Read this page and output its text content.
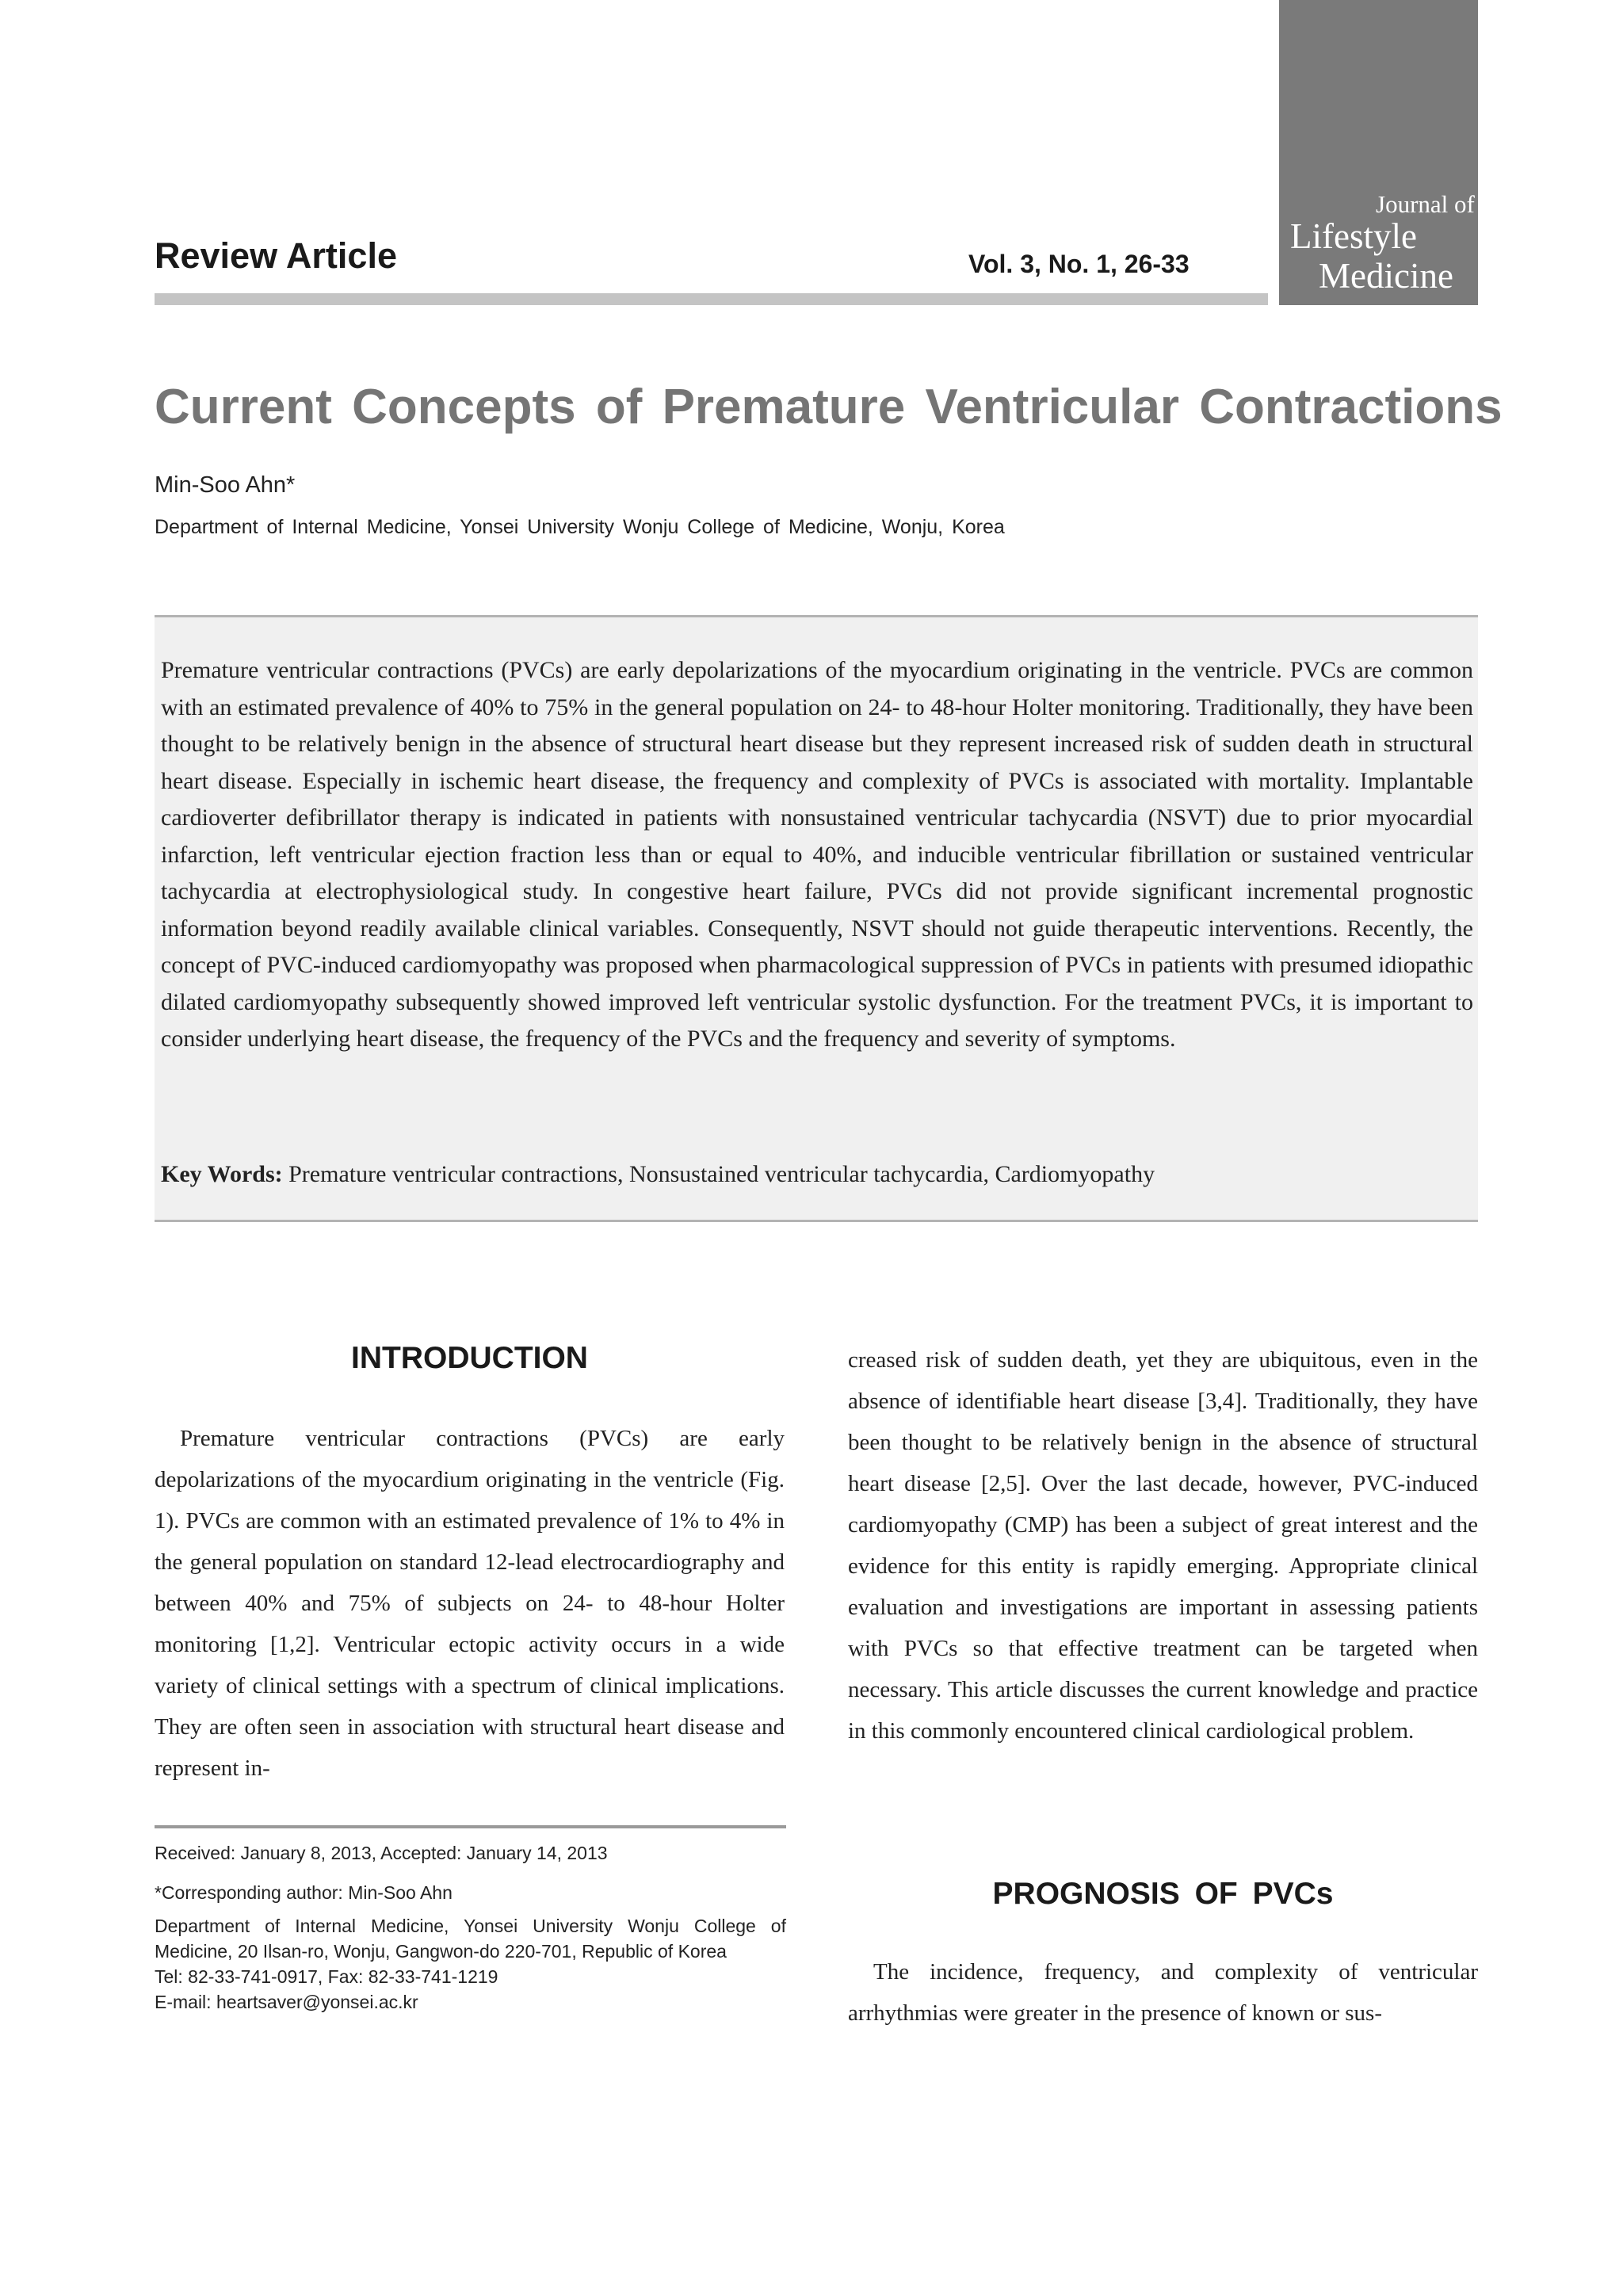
Journal of
Lifestyle
Medicine
Review Article	Vol. 3, No. 1, 26-33
Current Concepts of Premature Ventricular Contractions
Min-Soo Ahn*
Department of Internal Medicine, Yonsei University Wonju College of Medicine, Wonju, Korea

Premature ventricular contractions (PVCs) are early depolarizations of the myocardium originating in the ventricle. PVCs are common with an estimated prevalence of 40% to 75% in the general population on 24- to 48-hour Holter monitoring. Traditionally, they have been thought to be relatively benign in the absence of structural heart disease but they represent increased risk of sudden death in structural heart disease. Especially in ischemic heart disease, the frequency and complexity of PVCs is associated with mortality. Implantable cardioverter defibrillator therapy is indicated in patients with nonsustained ventricular tachycardia (NSVT) due to prior myocardial infarction, left ventricular ejection fraction less than or equal to 40%, and inducible ventricular fibrillation or sustained ventricular tachycardia at electrophysiological study. In congestive heart failure, PVCs did not provide significant incremental prognostic information beyond readily available clinical variables. Consequently, NSVT should not guide therapeutic interventions. Recently, the concept of PVC-induced cardiomyopathy was proposed when pharmacological suppression of PVCs in patients with presumed idiopathic dilated cardiomyopathy subsequently showed improved left ventricular systolic dysfunction. For the treatment PVCs, it is important to consider underlying heart disease, the frequency of the PVCs and the frequency and severity of symptoms.

Key Words: Premature ventricular contractions, Nonsustained ventricular tachycardia, Cardiomyopathy

INTRODUCTION

Premature ventricular contractions (PVCs) are early depolarizations of the myocardium originating in the ventricle (Fig. 1). PVCs are common with an estimated prevalence of 1% to 4% in the general population on standard 12-lead electrocardiography and between 40% and 75% of subjects on 24- to 48-hour Holter monitoring [1,2]. Ventricular ectopic activity occurs in a wide variety of clinical settings with a spectrum of clinical implications. They are often seen in association with structural heart disease and represent in-

Received: January 8, 2013, Accepted: January 14, 2013

*Corresponding author: Min-Soo Ahn

Department of Internal Medicine, Yonsei University Wonju College of Medicine, 20 Ilsan-ro, Wonju, Gangwon-do 220-701, Republic of Korea
Tel: 82-33-741-0917, Fax: 82-33-741-1219
E-mail: heartsaver@yonsei.ac.kr

creased risk of sudden death, yet they are ubiquitous, even in the absence of identifiable heart disease [3,4]. Traditionally, they have been thought to be relatively benign in the absence of structural heart disease [2,5]. Over the last decade, however, PVC-induced cardiomyopathy (CMP) has been a subject of great interest and the evidence for this entity is rapidly emerging. Appropriate clinical evaluation and investigations are important in assessing patients with PVCs so that effective treatment can be targeted when necessary. This article discusses the current knowledge and practice in this commonly encountered clinical cardiological problem.

PROGNOSIS OF PVCs

The incidence, frequency, and complexity of ventricular arrhythmias were greater in the presence of known or sus-
